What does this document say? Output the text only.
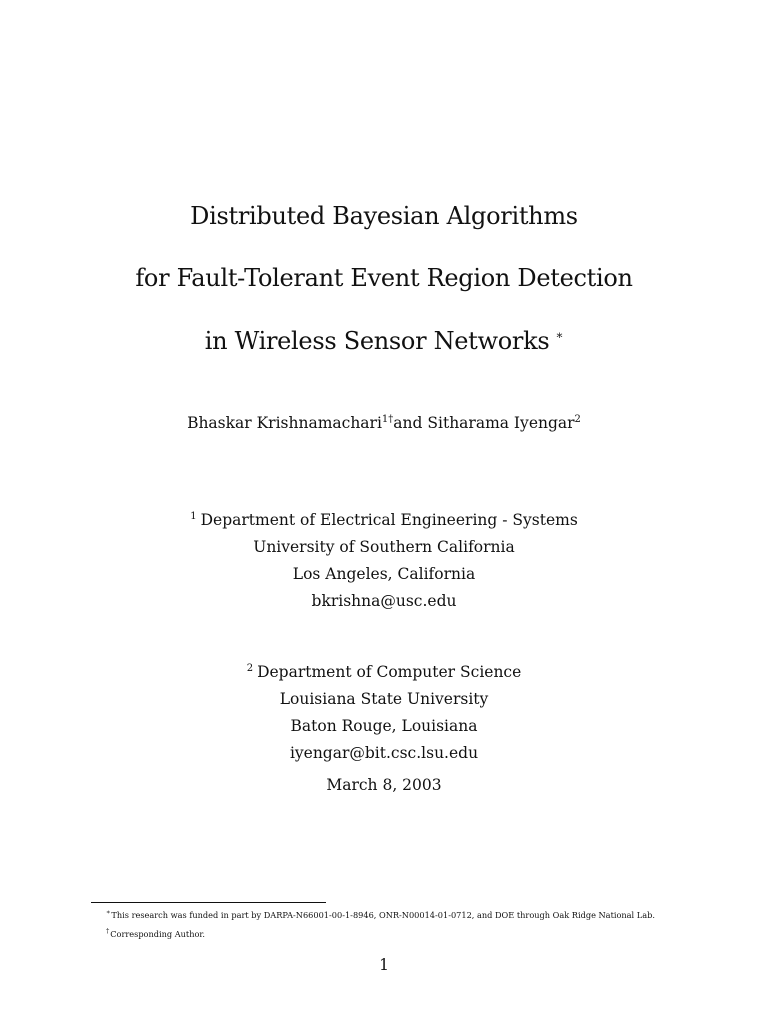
Distributed Bayesian Algorithms
for Fault-Tolerant Event Region Detection
in Wireless Sensor Networks ∗
Bhaskar Krishnamachari$^{1\dagger}$and Sitharama Iyengar$^2$
$^1$ Department of Electrical Engineering - Systems
University of Southern California
Los Angeles, California
bkrishna@usc.edu
$^2$ Department of Computer Science
Louisiana State University
Baton Rouge, Louisiana
iyengar@bit.csc.lsu.edu
March 8, 2003
∗This research was funded in part by DARPA-N66001-00-1-8946, ONR-N00014-01-0712, and DOE through Oak Ridge National Lab.
†Corresponding Author.
1
